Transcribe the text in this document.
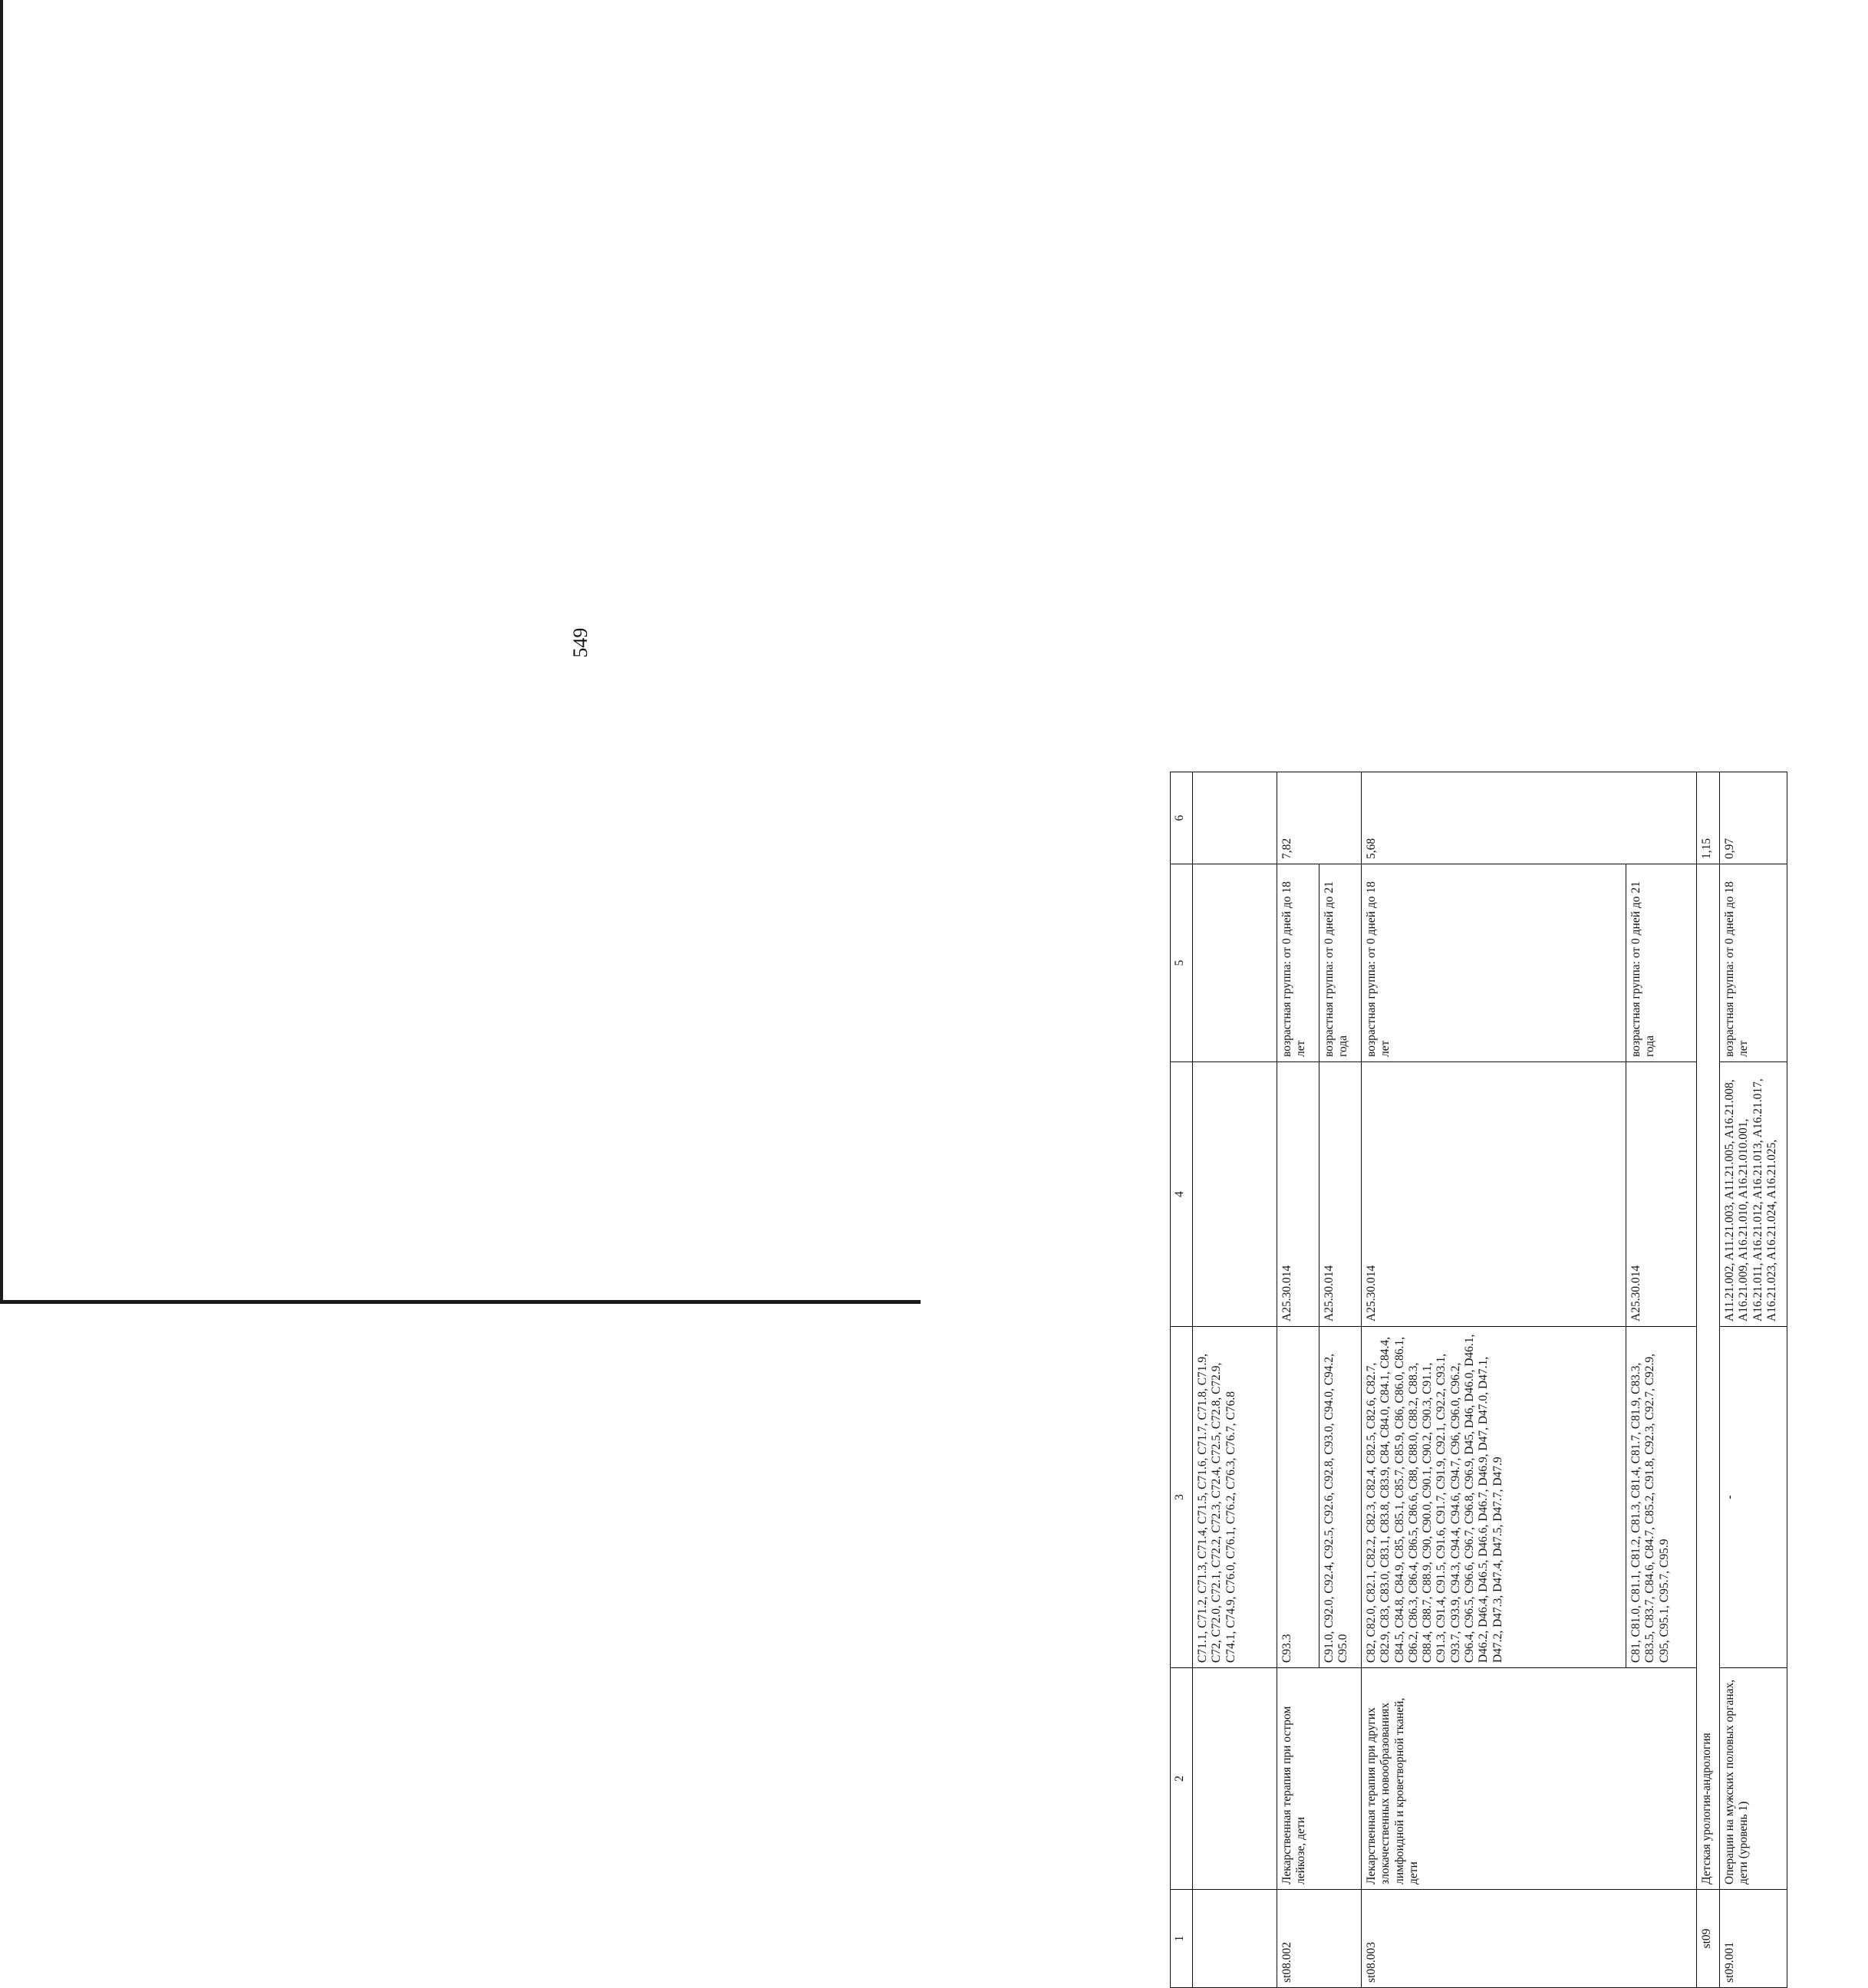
549
1	2	3	4	5	6
		C71.1, C71.2, C71.3, C71.4, C71.5, C71.6, C71.7, C71.8, C71.9, C72, C72.0, C72.1, C72.2, C72.3, C72.4, C72.5, C72.8, C72.9, C74.1, C74.9, C76.0, C76.1, C76.2, C76.3, C76.7, C76.8			
st08.002	Лекарственная терапия при остром лейкозе, дети	C93.3	A25.30.014	возрастная группа: от 0 дней до 18 лет	7,82
		C91.0, C92.0, C92.4, C92.5, C92.6, C92.8, C93.0, C94.0, C94.2, C95.0	A25.30.014	возрастная группа: от 0 дней до 21 года	
st08.003	Лекарственная терапия при других злокачественных новообразованиях лимфоидной и кроветворной тканей, дети	C82, C82.0, C82.1, C82.2, C82.3, C82.4, C82.5, C82.6, C82.7, C82.9, C83, C83.0, C83.1, C83.8, C83.9, C84, C84.0, C84.1, C84.4, C84.5, C84.8, C84.9, C85, C85.1, C85.7, C85.9, C86, C86.0, C86.1, C86.2, C86.3, C86.4, C86.5, C86.6, C88, C88.0, C88.2, C88.3, C88.4, C88.7, C88.9, C90, C90.0, C90.1, C90.2, C90.3, C91.1, C91.3, C91.4, C91.5, C91.6, C91.7, C91.9, C92.1, C92.2, C93.1, C93.7, C93.9, C94.3, C94.4, C94.6, C94.7, C96, C96.0, C96.2, C96.4, C96.5, C96.6, C96.7, C96.8, C96.9, D45, D46, D46.0, D46.1, D46.2, D46.4, D46.5, D46.6, D46.7, D46.9, D47, D47.0, D47.1, D47.2, D47.3, D47.4, D47.5, D47.7, D47.9	A25.30.014	возрастная группа: от 0 дней до 18 лет	5,68
		C81, C81.0, C81.1, C81.2, C81.3, C81.4, C81.7, C81.9, C83.3, C83.5, C83.7, C84.6, C84.7, C85.2, C91.8, C92.3, C92.7, C92.9, C95, C95.1, C95.7, C95.9	A25.30.014	возрастная группа: от 0 дней до 21 года	
st09	Детская урология-андрология				1,15
st09.001	Операции на мужских половых органах, дети (уровень 1)	-	A11.21.002, A11.21.003, A11.21.005, A16.21.008, A16.21.009, A16.21.010, A16.21.010.001, A16.21.011, A16.21.012, A16.21.013, A16.21.017, A16.21.023, A16.21.024, A16.21.025,	возрастная группа: от 0 дней до 18 лет	0,97
